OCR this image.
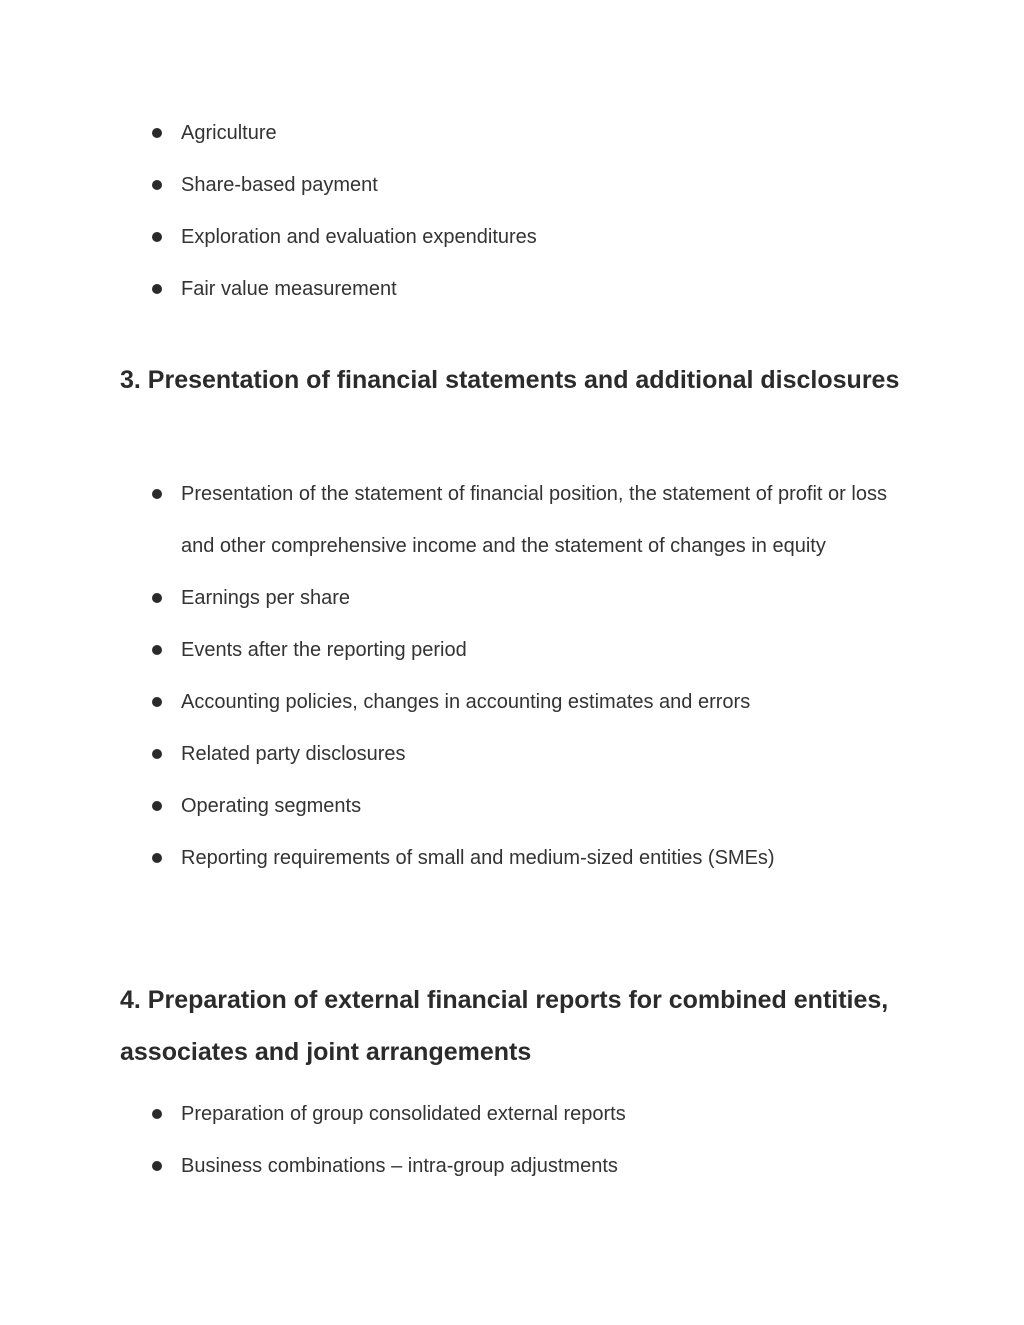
Agriculture
Share-based payment
Exploration and evaluation expenditures
Fair value measurement
3. Presentation of financial statements and additional disclosures
Presentation of the statement of financial position, the statement of profit or loss and other comprehensive income and the statement of changes in equity
Earnings per share
Events after the reporting period
Accounting policies, changes in accounting estimates and errors
Related party disclosures
Operating segments
Reporting requirements of small and medium-sized entities (SMEs)
4. Preparation of external financial reports for combined entities, associates and joint arrangements
Preparation of group consolidated external reports
Business combinations – intra-group adjustments
